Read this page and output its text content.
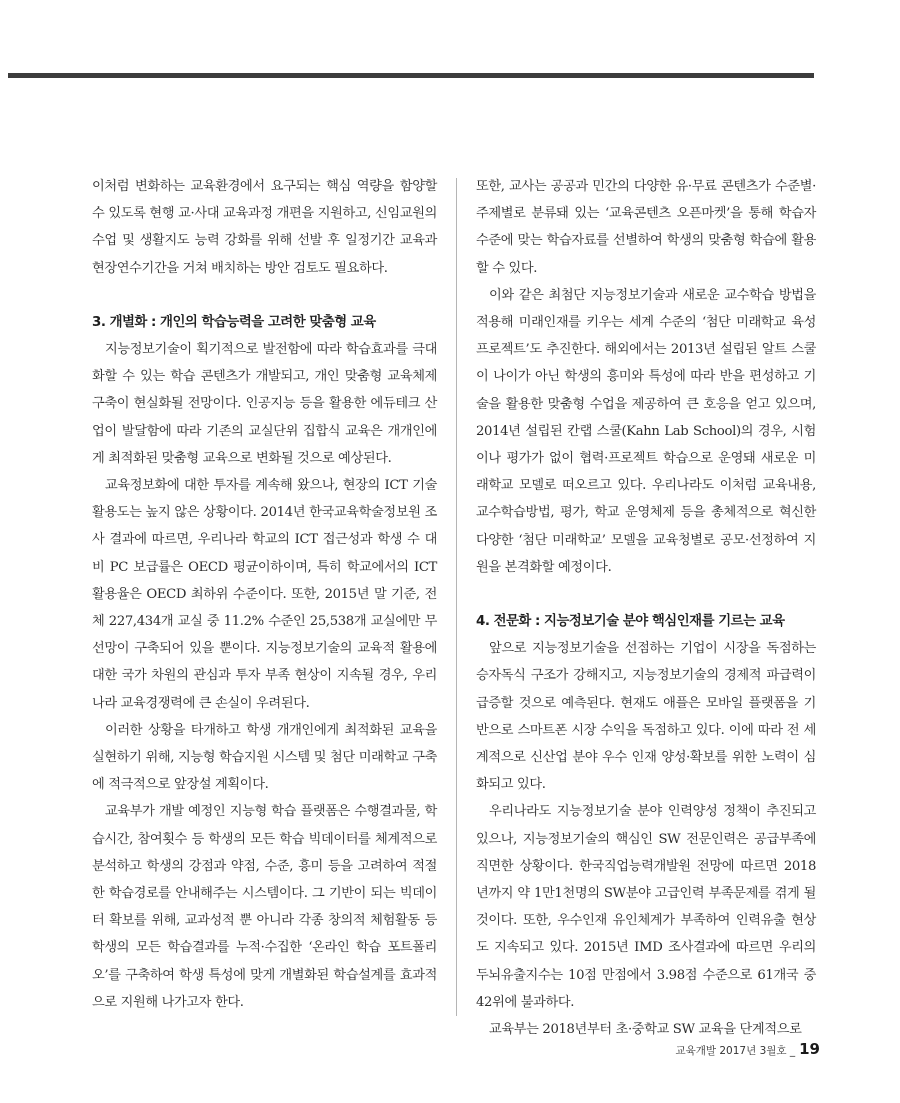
이처럼 변화하는 교육환경에서 요구되는 핵심 역량을 함양할 수 있도록 현행 교·사대 교육과정 개편을 지원하고, 신임교원의 수업 및 생활지도 능력 강화를 위해 선발 후 일정기간 교육과 현장연수기간을 거쳐 배치하는 방안 검토도 필요하다.

3. 개별화 : 개인의 학습능력을 고려한 맞춤형 교육

지능정보기술이 획기적으로 발전함에 따라 학습효과를 극대화할 수 있는 학습 콘텐츠가 개발되고, 개인 맞춤형 교육체제 구축이 현실화될 전망이다. 인공지능 등을 활용한 에듀테크 산업이 발달함에 따라 기존의 교실단위 집합식 교육은 개개인에게 최적화된 맞춤형 교육으로 변화될 것으로 예상된다.

교육정보화에 대한 투자를 계속해 왔으나, 현장의 ICT 기술 활용도는 높지 않은 상황이다. 2014년 한국교육학술정보원 조사 결과에 따르면, 우리나라 학교의 ICT 접근성과 학생 수 대비 PC 보급률은 OECD 평균이하이며, 특히 학교에서의 ICT 활용율은 OECD 최하위 수준이다. 또한, 2015년 말 기준, 전체 227,434개 교실 중 11.2% 수준인 25,538개 교실에만 무선망이 구축되어 있을 뿐이다. 지능정보기술의 교육적 활용에 대한 국가 차원의 관심과 투자 부족 현상이 지속될 경우, 우리나라 교육경쟁력에 큰 손실이 우려된다.

이러한 상황을 타개하고 학생 개개인에게 최적화된 교육을 실현하기 위해, 지능형 학습지원 시스템 및 첨단 미래학교 구축에 적극적으로 앞장설 계획이다.

교육부가 개발 예정인 지능형 학습 플랫폼은 수행결과물, 학습시간, 참여횟수 등 학생의 모든 학습 빅데이터를 체계적으로 분석하고 학생의 강점과 약점, 수준, 흥미 등을 고려하여 적절한 학습경로를 안내해주는 시스템이다. 그 기반이 되는 빅데이터 확보를 위해, 교과성적 뿐 아니라 각종 창의적 체험활동 등 학생의 모든 학습결과를 누적·수집한 ‘온라인 학습 포트폴리오’를 구축하여 학생 특성에 맞게 개별화된 학습설계를 효과적으로 지원해 나가고자 한다.

또한, 교사는 공공과 민간의 다양한 유·무료 콘텐츠가 수준별·주제별로 분류돼 있는 ‘교육콘텐츠 오픈마켓’을 통해 학습자 수준에 맞는 학습자료를 선별하여 학생의 맞춤형 학습에 활용할 수 있다.

이와 같은 최첨단 지능정보기술과 새로운 교수학습 방법을 적용해 미래인재를 키우는 세계 수준의 ‘첨단 미래학교 육성 프로젝트’도 추진한다. 해외에서는 2013년 설립된 알트 스쿨이 나이가 아닌 학생의 흥미와 특성에 따라 반을 편성하고 기술을 활용한 맞춤형 수업을 제공하여 큰 호응을 얻고 있으며, 2014년 설립된 칸랩 스쿨(Kahn Lab School)의 경우, 시험이나 평가가 없이 협력·프로젝트 학습으로 운영돼 새로운 미래학교 모델로 떠오르고 있다. 우리나라도 이처럼 교육내용, 교수학습방법, 평가, 학교 운영체제 등을 총체적으로 혁신한 다양한 ‘첨단 미래학교’ 모델을 교육청별로 공모·선정하여 지원을 본격화할 예정이다.

4. 전문화 : 지능정보기술 분야 핵심인재를 기르는 교육

앞으로 지능정보기술을 선점하는 기업이 시장을 독점하는 승자독식 구조가 강해지고, 지능정보기술의 경제적 파급력이 급증할 것으로 예측된다. 현재도 애플은 모바일 플랫폼을 기반으로 스마트폰 시장 수익을 독점하고 있다. 이에 따라 전 세계적으로 신산업 분야 우수 인재 양성·확보를 위한 노력이 심화되고 있다.

우리나라도 지능정보기술 분야 인력양성 정책이 추진되고 있으나, 지능정보기술의 핵심인 SW 전문인력은 공급부족에 직면한 상황이다. 한국직업능력개발원 전망에 따르면 2018년까지 약 1만1천명의 SW분야 고급인력 부족문제를 겪게 될 것이다. 또한, 우수인재 유인체계가 부족하여 인력유출 현상도 지속되고 있다. 2015년 IMD 조사결과에 따르면 우리의 두뇌유출지수는 10점 만점에서 3.98점 수준으로 61개국 중 42위에 불과하다.

교육부는 2018년부터 초·중학교 SW 교육을 단계적으로

교육개발 2017년 3월호 _ 19
